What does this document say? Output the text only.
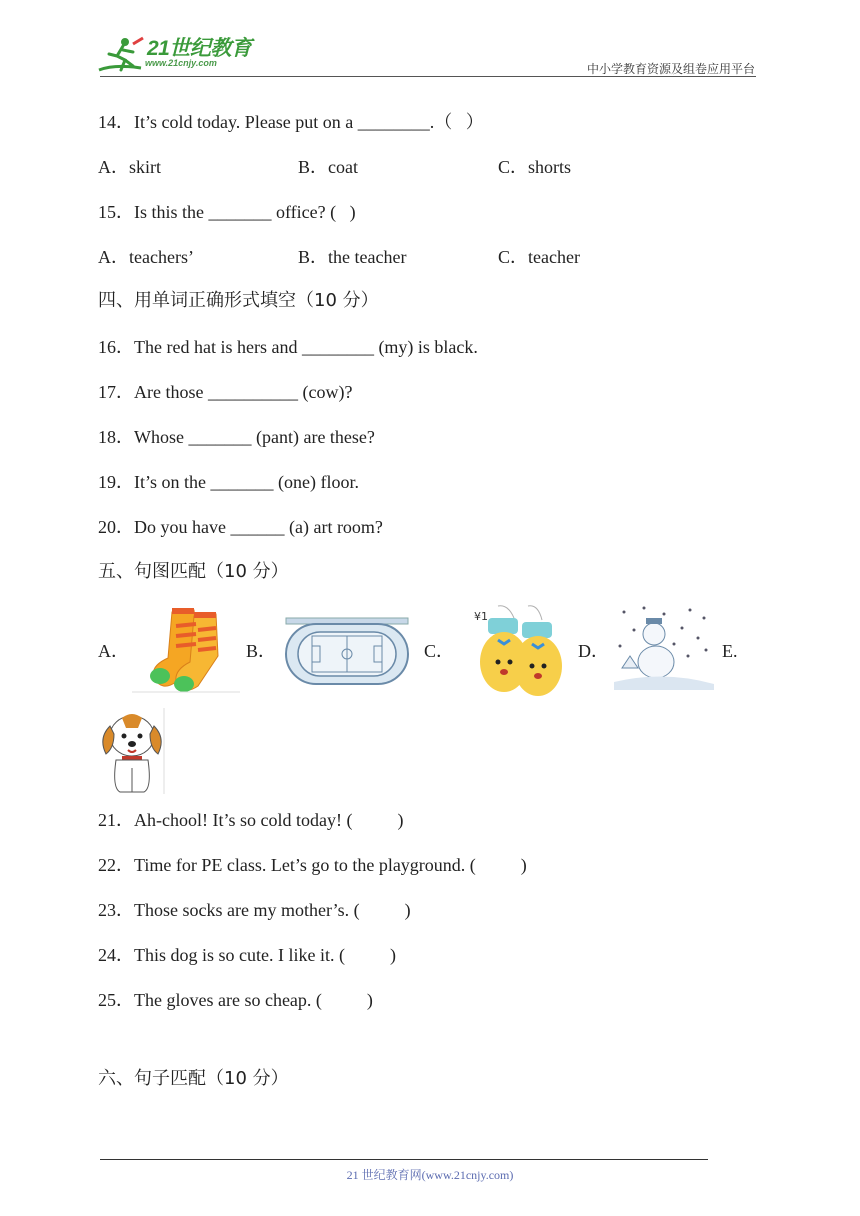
21世纪教育
www.21cnjy.com	中小学教育资源及组卷应用平台
14．It’s cold today. Please put on a ________.（   ）
A．skirt	B．coat	C．shorts
15．Is this the _______ office? (   )
A．teachers’	B．the teacher	C．teacher
四、用单词正确形式填空（10 分）
16．The red hat is hers and ________ (my) is black.
17．Are those __________ (cow)?
18．Whose _______ (pant) are these?
19．It’s on the _______ (one) floor.
20．Do you have ______ (a) art room?
五、句图匹配（10 分）
A．	B．	C．
¥1
D．	E.
21．Ah-chool! It’s so cold today! (          )
22．Time for PE class. Let’s go to the playground. (          )
23．Those socks are my mother’s. (          )
24．This dog is so cute. I like it. (          )
25．The gloves are so cheap. (          )
六、句子匹配（10 分）
21 世纪教育网(www.21cnjy.com)
